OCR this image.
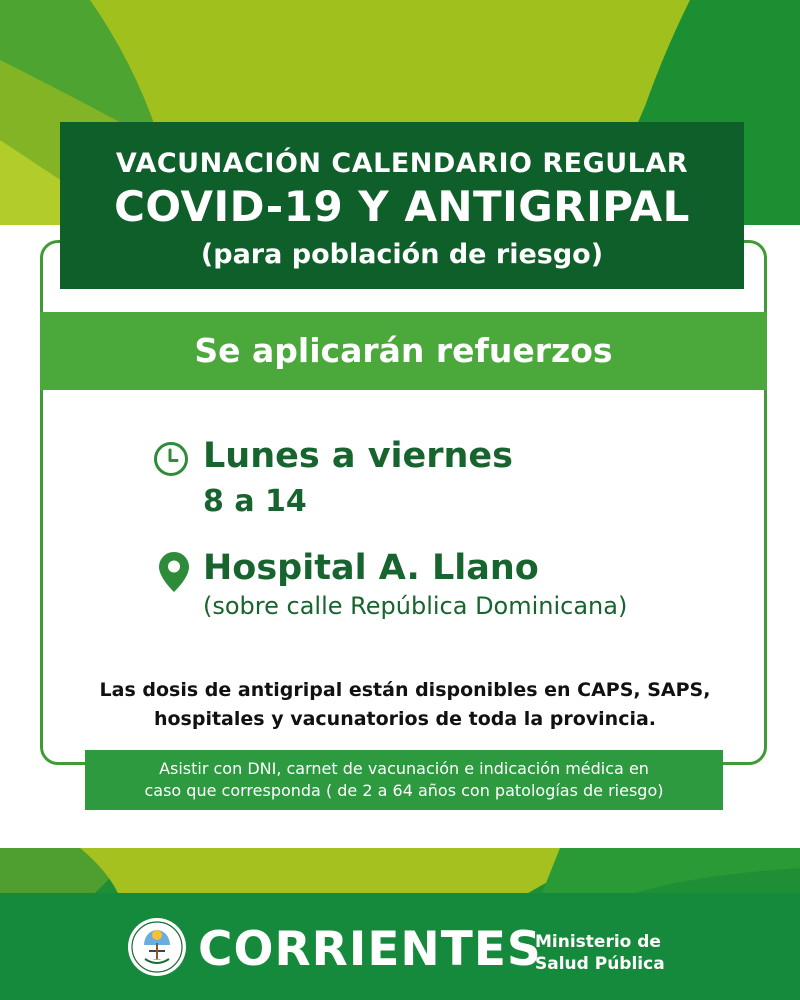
VACUNACIÓN CALENDARIO REGULAR
COVID-19 Y ANTIGRIPAL
(para población de riesgo)
Se aplicarán refuerzos
Lunes a viernes
8 a 14
Hospital A. Llano
(sobre calle República Dominicana)
Las dosis de antigripal están disponibles en CAPS, SAPS,
hospitales y vacunatorios de toda la provincia.
Asistir con DNI, carnet de vacunación e indicación médica en
caso que corresponda ( de 2 a 64 años con patologías de riesgo)
CORRIENTES
Ministerio de
Salud Pública
